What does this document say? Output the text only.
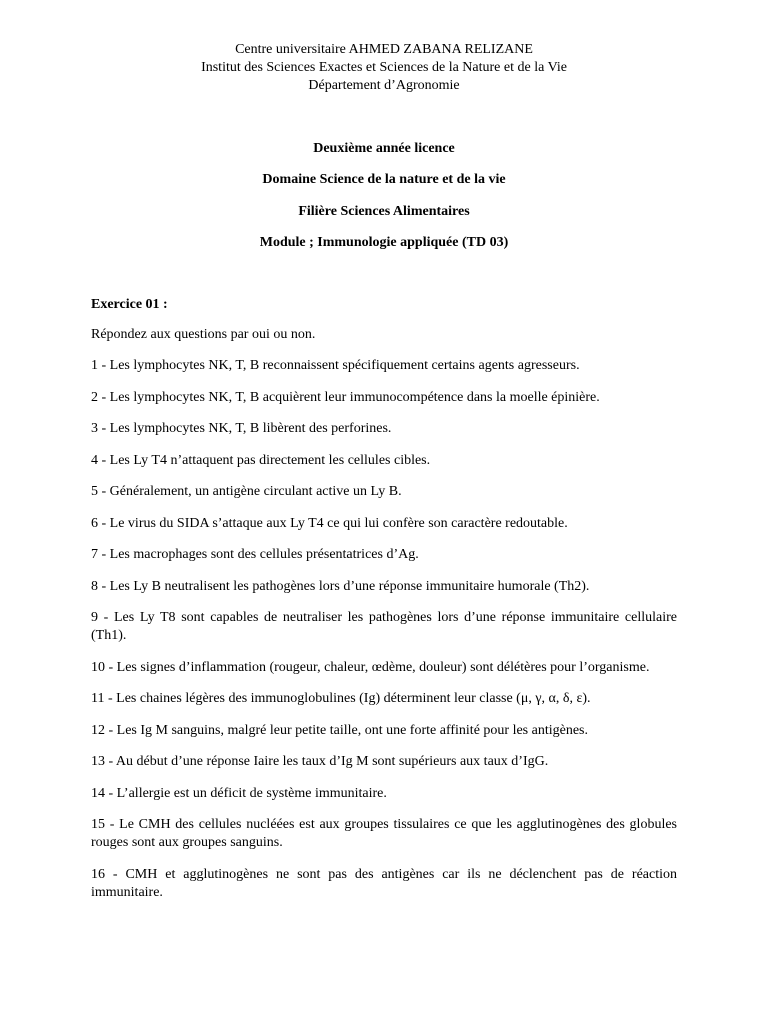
Centre universitaire AHMED ZABANA RELIZANE
Institut des Sciences Exactes et Sciences de la Nature et de la Vie
Département d’Agronomie
Deuxième année licence
Domaine Science de la nature et de la vie
Filière Sciences Alimentaires
Module ; Immunologie appliquée (TD 03)

Exercice 01 :

Répondez aux questions par oui ou non.

1 - Les lymphocytes NK, T, B reconnaissent spécifiquement certains agents agresseurs.

2 - Les lymphocytes NK, T, B acquièrent leur immunocompétence dans la moelle épinière.

3 - Les lymphocytes NK, T, B libèrent des perforines.

4 - Les Ly T4 n’attaquent pas directement les cellules cibles.

5 - Généralement, un antigène circulant active un Ly B.

6 - Le virus du SIDA s’attaque aux Ly T4 ce qui lui confère son caractère redoutable.

7 - Les macrophages sont des cellules présentatrices d’Ag.

8 - Les Ly B neutralisent les pathogènes lors d’une réponse immunitaire humorale (Th2).

9 - Les Ly T8 sont capables de neutraliser les pathogènes lors d’une réponse immunitaire cellulaire (Th1).

10 - Les signes d’inflammation (rougeur, chaleur, œdème, douleur) sont délétères pour l’organisme.

11 - Les chaines légères des immunoglobulines (Ig) déterminent leur classe (μ, γ, α, δ, ε).

12 - Les Ig M sanguins, malgré leur petite taille, ont une forte affinité pour les antigènes.

13 - Au début d’une réponse Iaire les taux d’Ig M sont supérieurs aux taux d’IgG.

14 - L’allergie est un déficit de système immunitaire.

15 - Le CMH des cellules nucléées est aux groupes tissulaires ce que les agglutinogènes des globules rouges sont aux groupes sanguins.

16 - CMH et agglutinogènes ne sont pas des antigènes car ils ne déclenchent pas de réaction immunitaire.
